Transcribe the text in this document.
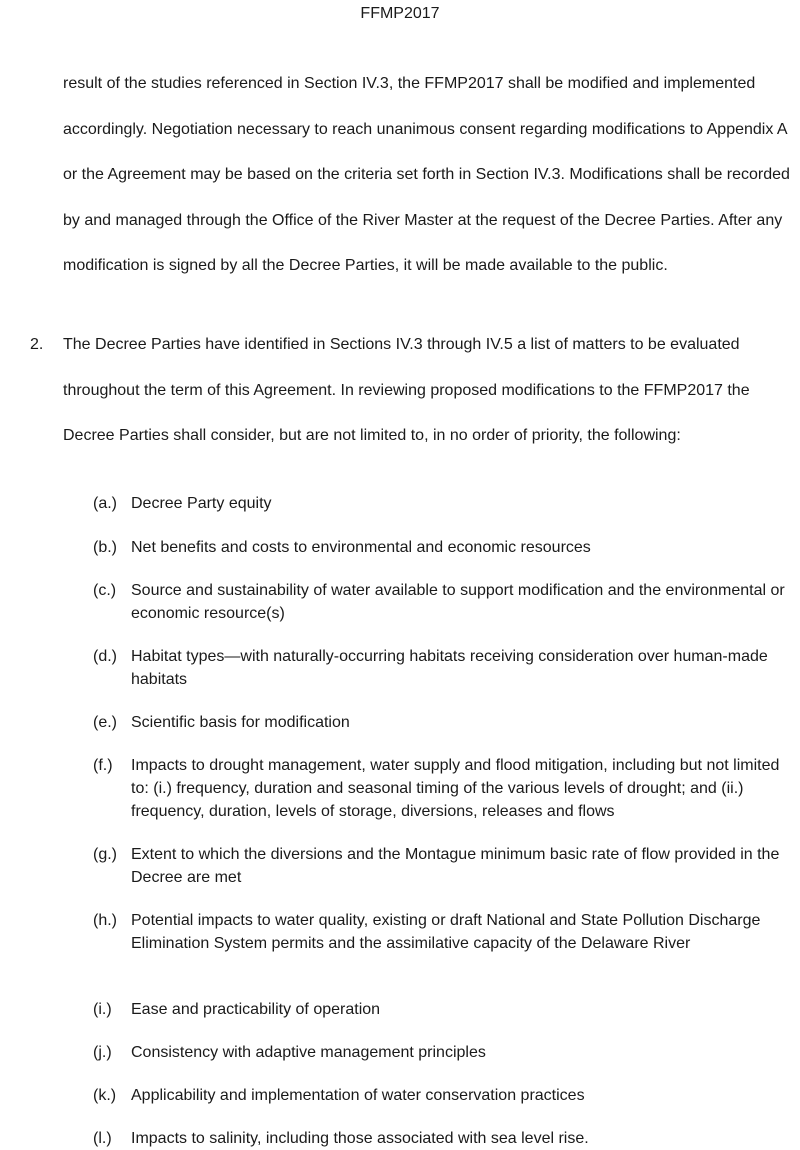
FFMP2017
result of the studies referenced in Section IV.3, the FFMP2017 shall be modified and implemented accordingly. Negotiation necessary to reach unanimous consent regarding modifications to Appendix A or the Agreement may be based on the criteria set forth in Section IV.3. Modifications shall be recorded by and managed through the Office of the River Master at the request of the Decree Parties. After any modification is signed by all the Decree Parties, it will be made available to the public.
2. The Decree Parties have identified in Sections IV.3 through IV.5 a list of matters to be evaluated throughout the term of this Agreement. In reviewing proposed modifications to the FFMP2017 the Decree Parties shall consider, but are not limited to, in no order of priority, the following:
(a.) Decree Party equity
(b.) Net benefits and costs to environmental and economic resources
(c.) Source and sustainability of water available to support modification and the environmental or economic resource(s)
(d.) Habitat types—with naturally-occurring habitats receiving consideration over human-made habitats
(e.) Scientific basis for modification
(f.)	Impacts to drought management, water supply and flood mitigation, including but not limited to: (i.) frequency, duration and seasonal timing of the various levels of drought; and (ii.) frequency, duration, levels of storage, diversions, releases and flows
(g.) Extent to which the diversions and the Montague minimum basic rate of flow provided in the Decree are met
(h.) Potential impacts to water quality, existing or draft National and State Pollution Discharge Elimination System permits and the assimilative capacity of the Delaware River
(i.)	Ease and practicability of operation
(j.)	Consistency with adaptive management principles
(k.) Applicability and implementation of water conservation practices
(l.)	Impacts to salinity, including those associated with sea level rise.
